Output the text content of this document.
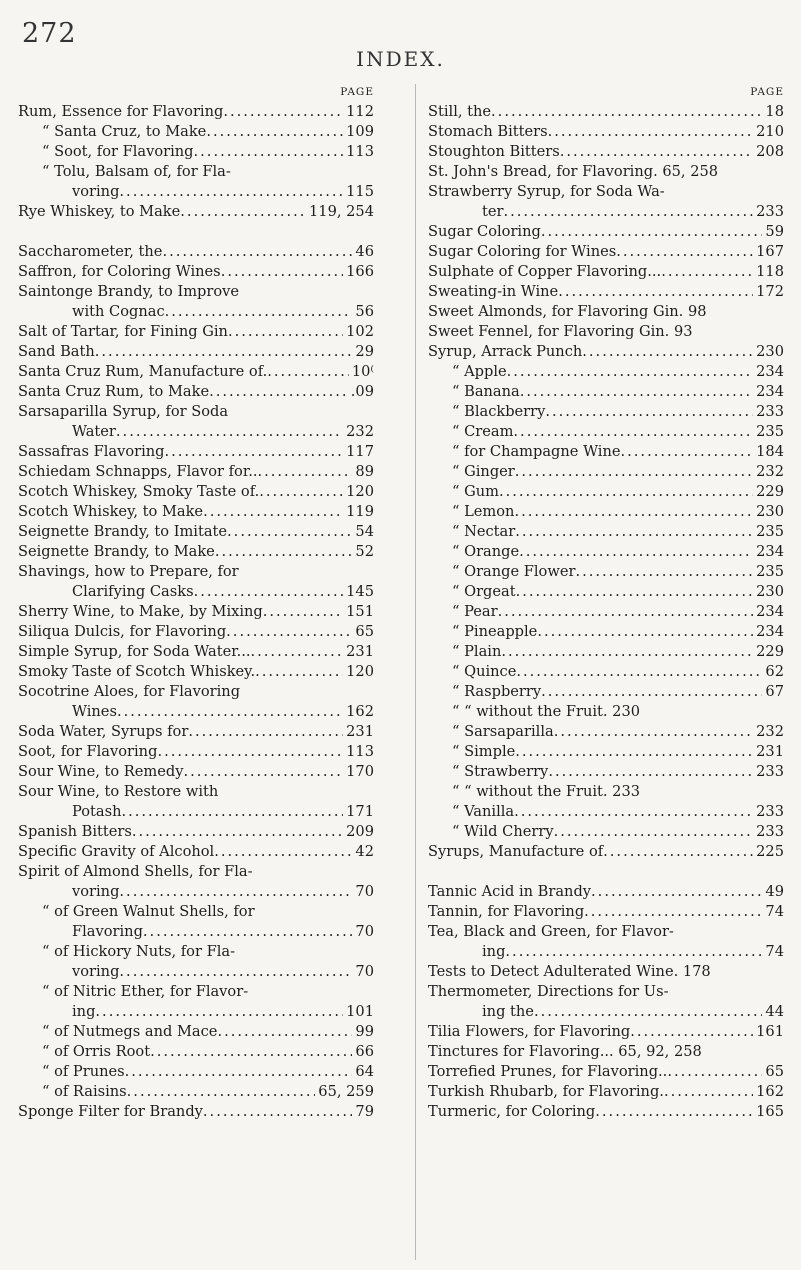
272
INDEX.
PAGE
Rum, Essence for Flavoring .....	112
“ Santa Cruz, to Make .....	109
“ Soot, for Flavoring .....	113
“ Tolu, Balsam of, for Fla-
voring .....	115
Rye Whiskey, to Make .....	119, 254
Saccharometer, the .....	46
Saffron, for Coloring Wines .....	166
Saintonge Brandy, to Improve
with Cognac .....	56
Salt of Tartar, for Fining Gin .....	102
Sand Bath .....	29
Santa Cruz Rum, Manufacture of. .....	10⁽
Santa Cruz Rum, to Make .....	.09
Sarsaparilla Syrup, for Soda
Water .....	232
Sassafras Flavoring .....	117
Schiedam Schnapps, Flavor for.. .....	89
Scotch Whiskey, Smoky Taste of. .....	120
Scotch Whiskey, to Make .....	119
Seignette Brandy, to Imitate .....	54
Seignette Brandy, to Make .....	52
Shavings, how to Prepare, for
Clarifying Casks .....	145
Sherry Wine, to Make, by Mixing .....	151
Siliqua Dulcis, for Flavoring .....	65
Simple Syrup, for Soda Water... .....	231
Smoky Taste of Scotch Whiskey. .....	120
Socotrine Aloes, for Flavoring
Wines .....	162
Soda Water, Syrups for .....	231
Soot, for Flavoring .....	113
Sour Wine, to Remedy .....	170
Sour Wine, to Restore with
Potash .....	171
Spanish Bitters .....	209
Specific Gravity of Alcohol .....	42
Spirit of Almond Shells, for Fla-
voring .....	70
“ of Green Walnut Shells, for
Flavoring .....	70
“ of Hickory Nuts, for Fla-
voring .....	70
“ of Nitric Ether, for Flavor-
ing .....	101
“ of Nutmegs and Mace .....	99
“ of Orris Root .....	66
“ of Prunes .....	64
“ of Raisins .....	65, 259
Sponge Filter for Brandy .....	79
PAGE
Still, the .....	18
Stomach Bitters .....	210
Stoughton Bitters .....	208
St. John's Bread, for Flavoring. 65, 258
Strawberry Syrup, for Soda Wa-
ter .....	233
Sugar Coloring .....	59
Sugar Coloring for Wines .....	167
Sulphate of Copper Flavoring... .....	118
Sweating-in Wine .....	172
Sweet Almonds, for Flavoring Gin. 98
Sweet Fennel, for Flavoring Gin. 93
Syrup, Arrack Punch .....	230
“ Apple .....	234
“ Banana .....	234
“ Blackberry .....	233
“ Cream .....	235
“ for Champagne Wine .....	184
“ Ginger .....	232
“ Gum .....	229
“ Lemon .....	230
“ Nectar .....	235
“ Orange .....	234
“ Orange Flower .....	235
“ Orgeat .....	230
“ Pear .....	234
“ Pineapple .....	234
“ Plain .....	229
“ Quince .....	62
“ Raspberry .....	67
“ “ without the Fruit. 230
“ Sarsaparilla .....	232
“ Simple .....	231
“ Strawberry .....	233
“ “ without the Fruit. 233
“ Vanilla .....	233
“ Wild Cherry .....	233
Syrups, Manufacture of .....	225
Tannic Acid in Brandy .....	49
Tannin, for Flavoring .....	74
Tea, Black and Green, for Flavor-
ing .....	74
Tests to Detect Adulterated Wine. 178
Thermometer, Directions for Us-
ing the .....	44
Tilia Flowers, for Flavoring .....	161
Tinctures for Flavoring... 65, 92, 258
Torrefied Prunes, for Flavoring.. .....	65
Turkish Rhubarb, for Flavoring. .....	162
Turmeric, for Coloring .....	165
